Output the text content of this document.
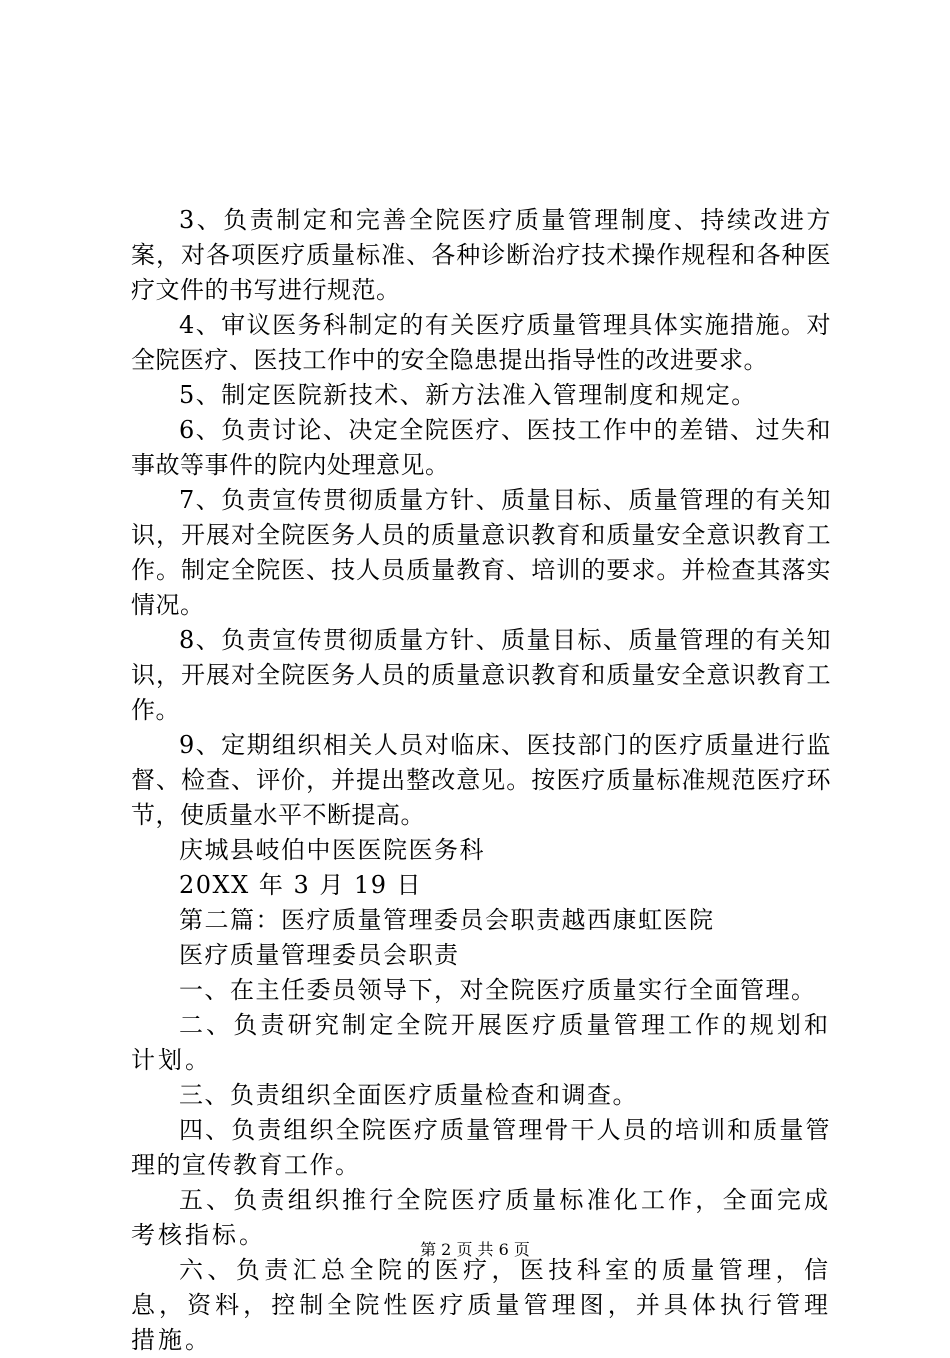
3、负责制定和完善全院医疗质量管理制度、持续改进方案，对各项医疗质量标准、各种诊断治疗技术操作规程和各种医疗文件的书写进行规范。

4、审议医务科制定的有关医疗质量管理具体实施措施。对全院医疗、医技工作中的安全隐患提出指导性的改进要求。

5、制定医院新技术、新方法准入管理制度和规定。

6、负责讨论、决定全院医疗、医技工作中的差错、过失和事故等事件的院内处理意见。

7、负责宣传贯彻质量方针、质量目标、质量管理的有关知识，开展对全院医务人员的质量意识教育和质量安全意识教育工作。制定全院医、技人员质量教育、培训的要求。并检查其落实情况。

8、负责宣传贯彻质量方针、质量目标、质量管理的有关知识，开展对全院医务人员的质量意识教育和质量安全意识教育工作。

9、定期组织相关人员对临床、医技部门的医疗质量进行监督、检查、评价，并提出整改意见。按医疗质量标准规范医疗环节，使质量水平不断提高。

庆城县岐伯中医医院医务科

20XX 年 3 月 19 日

第二篇：医疗质量管理委员会职责越西康虹医院

医疗质量管理委员会职责

一、在主任委员领导下，对全院医疗质量实行全面管理。

二、负责研究制定全院开展医疗质量管理工作的规划和计划。

三、负责组织全面医疗质量检查和调查。

四、负责组织全院医疗质量管理骨干人员的培训和质量管理的宣传教育工作。

五、负责组织推行全院医疗质量标准化工作，全面完成考核指标。

六、负责汇总全院的医疗，医技科室的质量管理，信息，资料，控制全院性医疗质量管理图，并具体执行管理措施。

第 2 页 共 6 页
